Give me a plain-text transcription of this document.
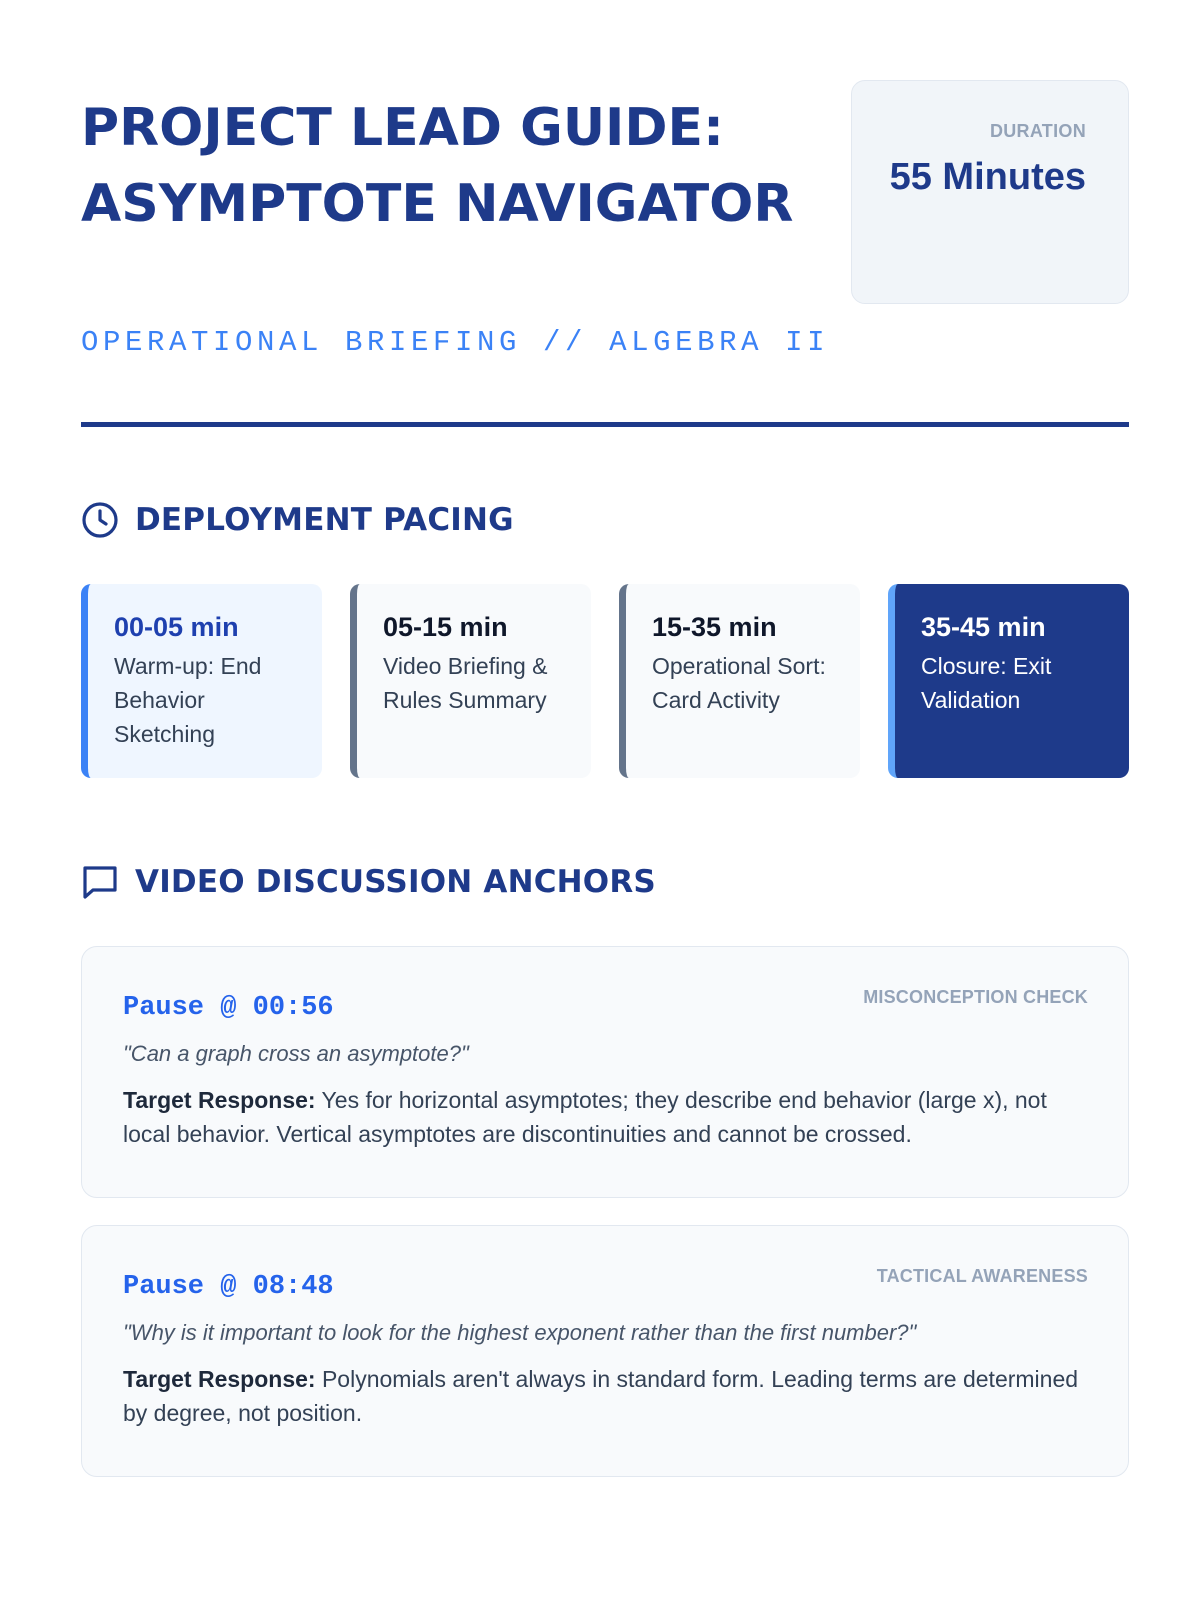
PROJECT LEAD GUIDE: ASYMPTOTE NAVIGATOR
OPERATIONAL BRIEFING // ALGEBRA II
DURATION
55 Minutes
DEPLOYMENT PACING
00-05 min
Warm-up: End Behavior Sketching
05-15 min
Video Briefing & Rules Summary
15-35 min
Operational Sort: Card Activity
35-45 min
Closure: Exit Validation
VIDEO DISCUSSION ANCHORS
Pause @ 00:56	MISCONCEPTION CHECK
"Can a graph cross an asymptote?"
Target Response: Yes for horizontal asymptotes; they describe end behavior (large x), not local behavior. Vertical asymptotes are discontinuities and cannot be crossed.
Pause @ 08:48	TACTICAL AWARENESS
"Why is it important to look for the highest exponent rather than the first number?"
Target Response: Polynomials aren't always in standard form. Leading terms are determined by degree, not position.
